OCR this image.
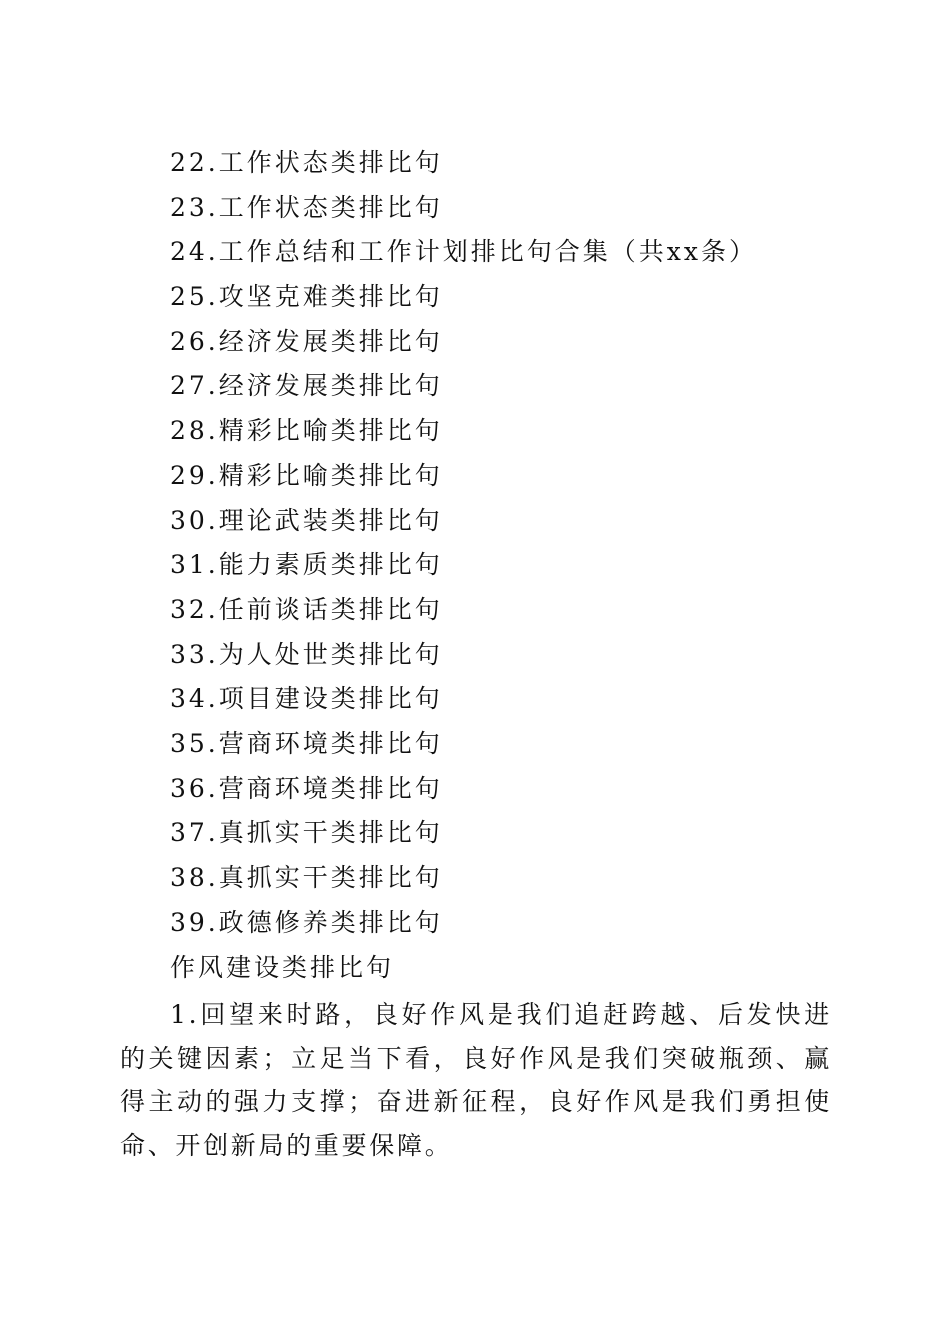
22.工作状态类排比句
23.工作状态类排比句
24.工作总结和工作计划排比句合集（共xx条）
25.攻坚克难类排比句
26.经济发展类排比句
27.经济发展类排比句
28.精彩比喻类排比句
29.精彩比喻类排比句
30.理论武装类排比句
31.能力素质类排比句
32.任前谈话类排比句
33.为人处世类排比句
34.项目建设类排比句
35.营商环境类排比句
36.营商环境类排比句
37.真抓实干类排比句
38.真抓实干类排比句
39.政德修养类排比句
作风建设类排比句

1.回望来时路，良好作风是我们追赶跨越、后发快进的关键因素；立足当下看，良好作风是我们突破瓶颈、赢得主动的强力支撑；奋进新征程，良好作风是我们勇担使命、开创新局的重要保障。
